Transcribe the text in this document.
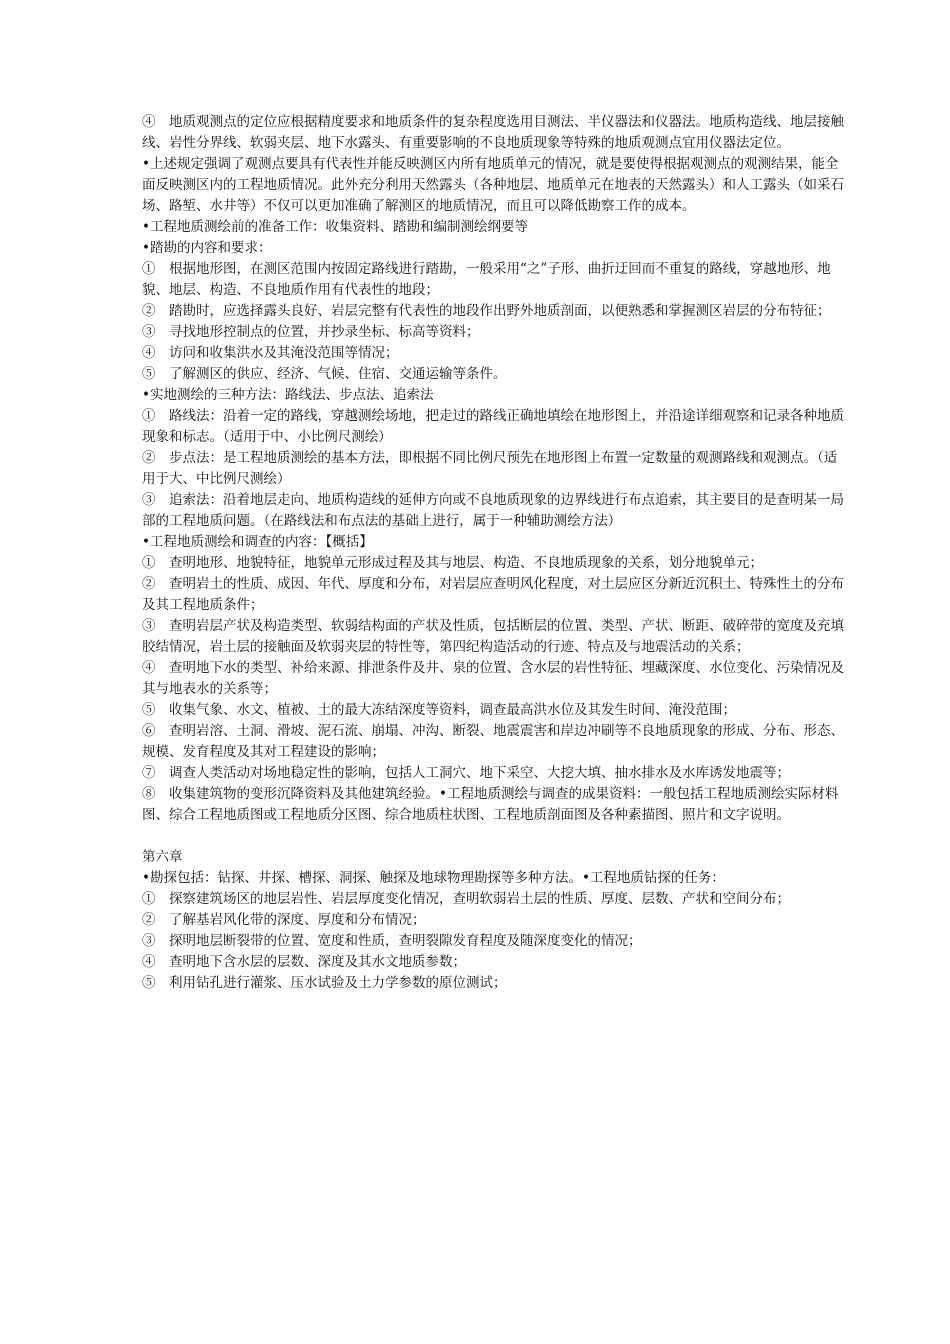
④　地质观测点的定位应根据精度要求和地质条件的复杂程度选用目测法、半仪器法和仪器法。地质构造线、地层接触线、岩性分界线、软弱夹层、地下水露头、有重要影响的不良地质现象等特殊的地质观测点宜用仪器法定位。

•上述规定强调了观测点要具有代表性并能反映测区内所有地质单元的情况，就是要使得根据观测点的观测结果，能全面反映测区内的工程地质情况。此外充分利用天然露头（各种地层、地质单元在地表的天然露头）和人工露头（如采石场、路堑、水井等）不仅可以更加准确了解测区的地质情况，而且可以降低勘察工作的成本。

•工程地质测绘前的准备工作：收集资料、踏勘和编制测绘纲要等

•踏勘的内容和要求：

①　根据地形图，在测区范围内按固定路线进行踏勘，一般采用“之”子形、曲折迂回而不重复的路线，穿越地形、地貌、地层、构造、不良地质作用有代表性的地段；

②　踏勘时，应选择露头良好、岩层完整有代表性的地段作出野外地质剖面，以便熟悉和掌握测区岩层的分布特征；

③　寻找地形控制点的位置，并抄录坐标、标高等资料；

④　访问和收集洪水及其淹没范围等情况；

⑤　了解测区的供应、经济、气候、住宿、交通运输等条件。

•实地测绘的三种方法：路线法、步点法、追索法

①　路线法：沿着一定的路线，穿越测绘场地，把走过的路线正确地填绘在地形图上，并沿途详细观察和记录各种地质现象和标志。（适用于中、小比例尺测绘）

②　步点法：是工程地质测绘的基本方法，即根据不同比例尺预先在地形图上布置一定数量的观测路线和观测点。（适用于大、中比例尺测绘）

③　追索法：沿着地层走向、地质构造线的延伸方向或不良地质现象的边界线进行布点追索，其主要目的是查明某一局部的工程地质问题。（在路线法和布点法的基础上进行，属于一种辅助测绘方法）

•工程地质测绘和调查的内容：【概括】

①　查明地形、地貌特征，地貌单元形成过程及其与地层、构造、不良地质现象的关系，划分地貌单元；

②　查明岩土的性质、成因、年代、厚度和分布，对岩层应查明风化程度，对土层应区分新近沉积土、特殊性土的分布及其工程地质条件；

③　查明岩层产状及构造类型、软弱结构面的产状及性质，包括断层的位置、类型、产状、断距、破碎带的宽度及充填胶结情况，岩土层的接触面及软弱夹层的特性等，第四纪构造活动的行迹、特点及与地震活动的关系；

④　查明地下水的类型、补给来源、排泄条件及井、泉的位置、含水层的岩性特征、埋藏深度、水位变化、污染情况及其与地表水的关系等；

⑤　收集气象、水文、植被、土的最大冻结深度等资料，调查最高洪水位及其发生时间、淹没范围；

⑥　查明岩溶、土洞、滑坡、泥石流、崩塌、冲沟、断裂、地震震害和岸边冲刷等不良地质现象的形成、分布、形态、规模、发育程度及其对工程建设的影响；

⑦　调查人类活动对场地稳定性的影响，包括人工洞穴、地下采空、大挖大填、抽水排水及水库诱发地震等；

⑧　收集建筑物的变形沉降资料及其他建筑经验。•工程地质测绘与调查的成果资料：一般包括工程地质测绘实际材料图、综合工程地质图或工程地质分区图、综合地质柱状图、工程地质剖面图及各种素描图、照片和文字说明。

第六章

•勘探包括：钻探、井探、槽探、洞探、触探及地球物理勘探等多种方法。•工程地质钻探的任务：

①　探察建筑场区的地层岩性、岩层厚度变化情况，查明软弱岩土层的性质、厚度、层数、产状和空间分布；

②　了解基岩风化带的深度、厚度和分布情况；

③　探明地层断裂带的位置、宽度和性质，查明裂隙发育程度及随深度变化的情况；

④　查明地下含水层的层数、深度及其水文地质参数；

⑤　利用钻孔进行灌浆、压水试验及土力学参数的原位测试；
